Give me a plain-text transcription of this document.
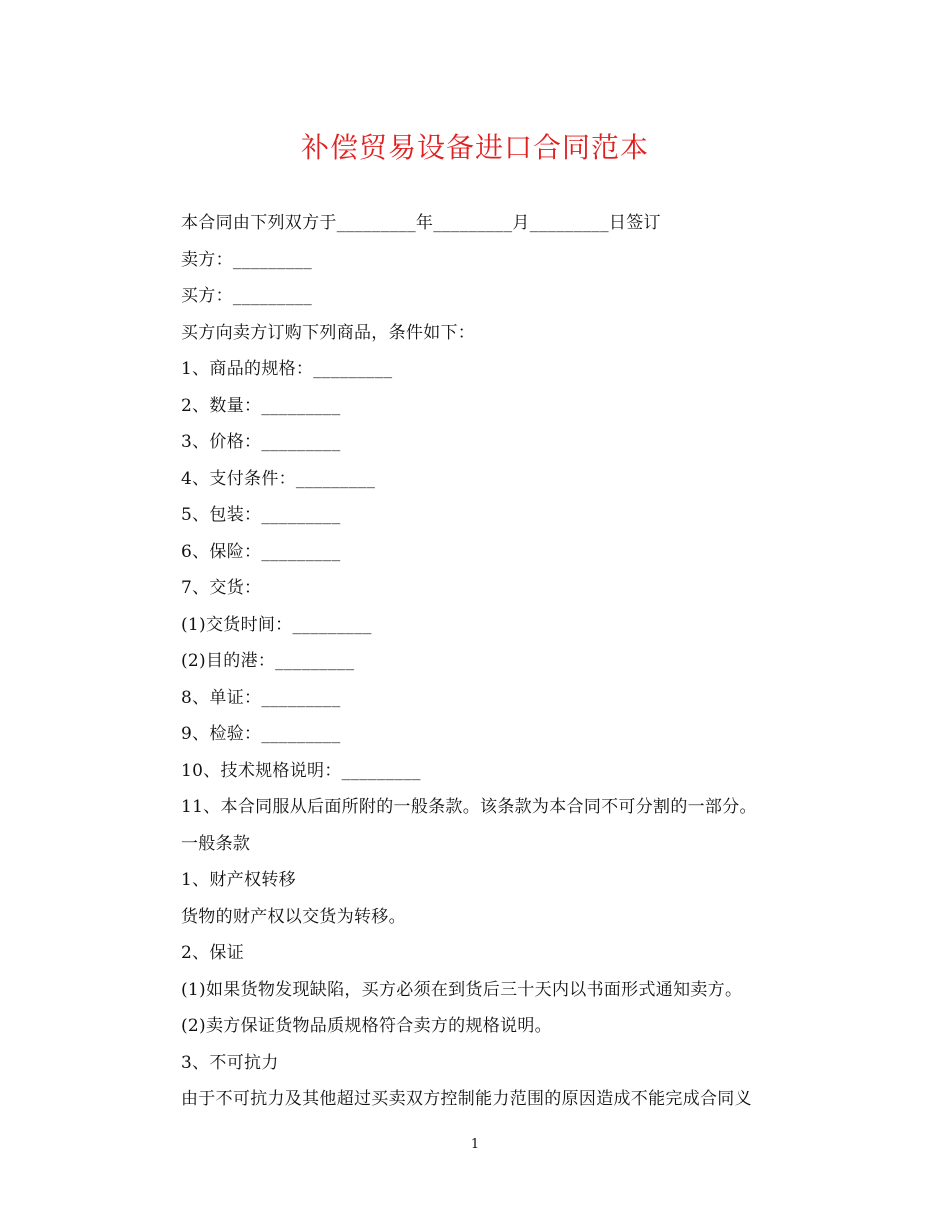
补偿贸易设备进口合同范本
本合同由下列双方于_________年_________月_________日签订
卖方：_________
买方：_________
买方向卖方订购下列商品，条件如下：
1、商品的规格：_________
2、数量：_________
3、价格：_________
4、支付条件：_________
5、包装：_________
6、保险：_________
7、交货：
(1)交货时间：_________
(2)目的港：_________
8、单证：_________
9、检验：_________
10、技术规格说明：_________
11、本合同服从后面所附的一般条款。该条款为本合同不可分割的一部分。
一般条款
1、财产权转移
货物的财产权以交货为转移。
2、保证
(1)如果货物发现缺陷，买方必须在到货后三十天内以书面形式通知卖方。
(2)卖方保证货物品质规格符合卖方的规格说明。
3、不可抗力
由于不可抗力及其他超过买卖双方控制能力范围的原因造成不能完成合同义
1
